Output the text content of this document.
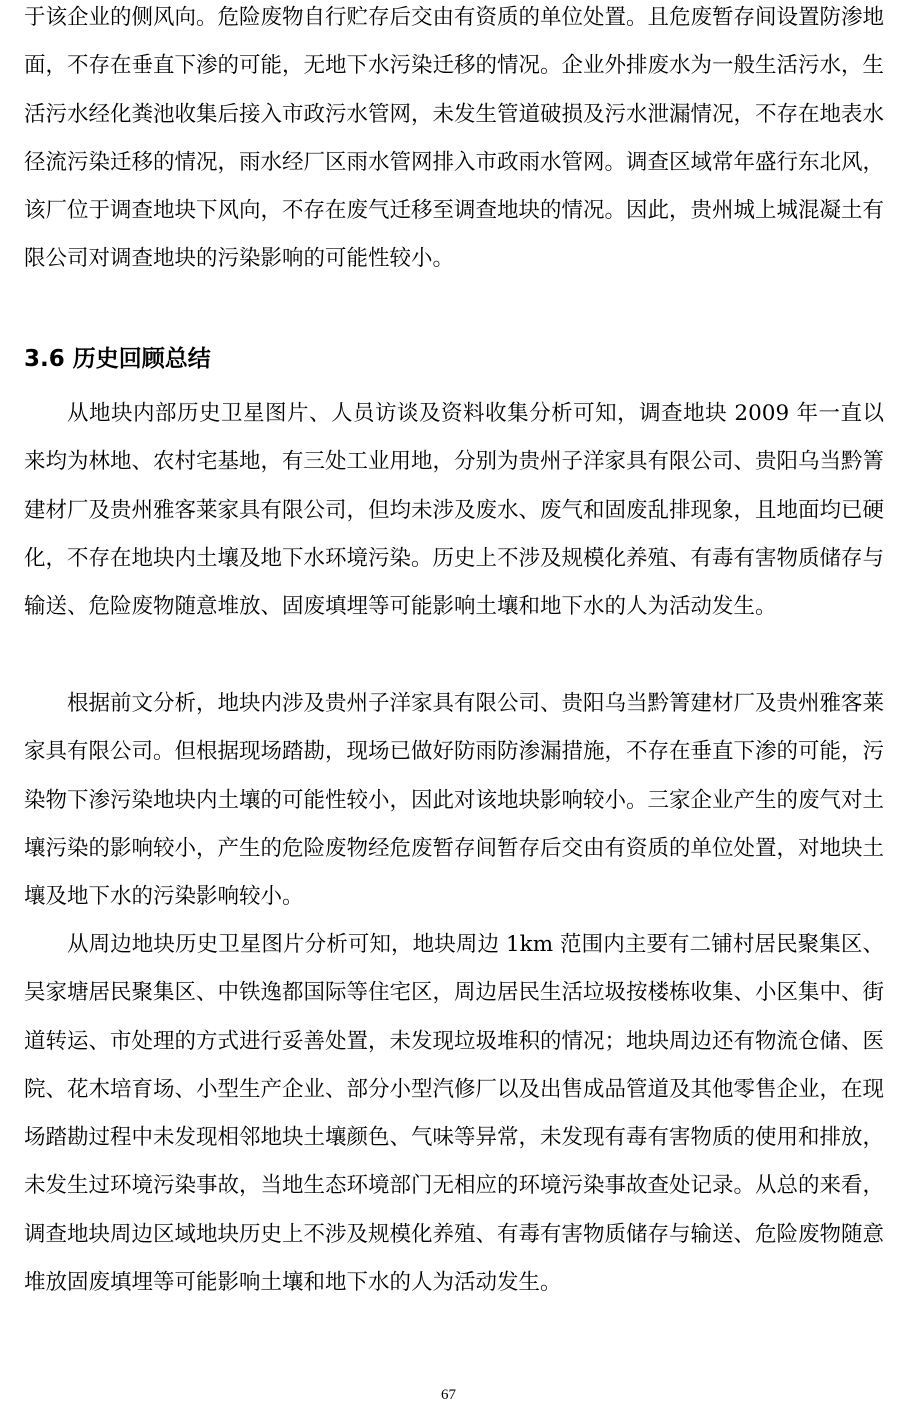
于该企业的侧风向。危险废物自行贮存后交由有资质的单位处置。且危废暂存间设置防渗地面，不存在垂直下渗的可能，无地下水污染迁移的情况。企业外排废水为一般生活污水，生活污水经化粪池收集后接入市政污水管网，未发生管道破损及污水泄漏情况，不存在地表水径流污染迁移的情况，雨水经厂区雨水管网排入市政雨水管网。调查区域常年盛行东北风，该厂位于调查地块下风向，不存在废气迁移至调查地块的情况。因此，贵州城上城混凝土有限公司对调查地块的污染影响的可能性较小。

3.6 历史回顾总结

从地块内部历史卫星图片、人员访谈及资料收集分析可知，调查地块 2009 年一直以来均为林地、农村宅基地，有三处工业用地，分别为贵州子洋家具有限公司、贵阳乌当黔箐建材厂及贵州雅客莱家具有限公司，但均未涉及废水、废气和固废乱排现象，且地面均已硬化，不存在地块内土壤及地下水环境污染。历史上不涉及规模化养殖、有毒有害物质储存与输送、危险废物随意堆放、固废填埋等可能影响土壤和地下水的人为活动发生。

根据前文分析，地块内涉及贵州子洋家具有限公司、贵阳乌当黔箐建材厂及贵州雅客莱家具有限公司。但根据现场踏勘，现场已做好防雨防渗漏措施，不存在垂直下渗的可能，污染物下渗污染地块内土壤的可能性较小，因此对该地块影响较小。三家企业产生的废气对土壤污染的影响较小，产生的危险废物经危废暂存间暂存后交由有资质的单位处置，对地块土壤及地下水的污染影响较小。

从周边地块历史卫星图片分析可知，地块周边 1km 范围内主要有二铺村居民聚集区、吴家塘居民聚集区、中铁逸都国际等住宅区，周边居民生活垃圾按楼栋收集、小区集中、街道转运、市处理的方式进行妥善处置，未发现垃圾堆积的情况；地块周边还有物流仓储、医院、花木培育场、小型生产企业、部分小型汽修厂以及出售成品管道及其他零售企业，在现场踏勘过程中未发现相邻地块土壤颜色、气味等异常，未发现有毒有害物质的使用和排放，未发生过环境污染事故，当地生态环境部门无相应的环境污染事故查处记录。从总的来看，调查地块周边区域地块历史上不涉及规模化养殖、有毒有害物质储存与输送、危险废物随意堆放固废填埋等可能影响土壤和地下水的人为活动发生。

67
